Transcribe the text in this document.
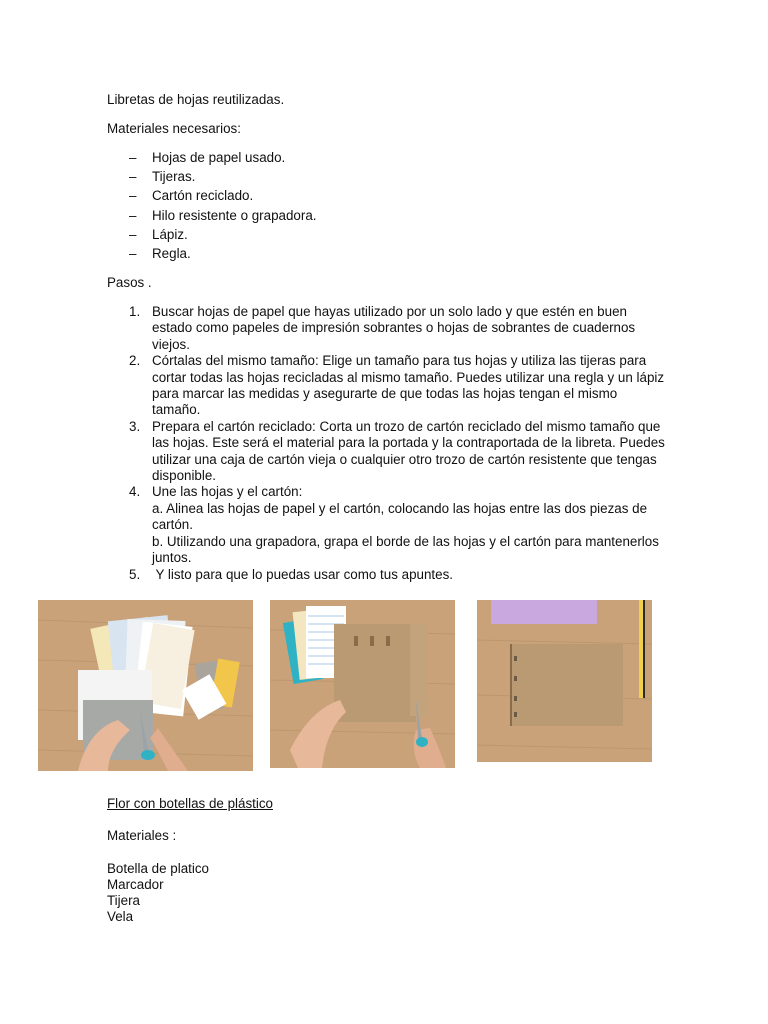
Libretas de hojas reutilizadas.
Materiales necesarios:
– Hojas de papel usado.
– Tijeras.
– Cartón reciclado.
– Hilo resistente o grapadora.
– Lápiz.
– Regla.
Pasos .
1. Buscar hojas de papel que hayas utilizado por un solo lado y que estén en buen estado como papeles de impresión sobrantes o hojas de sobrantes de cuadernos viejos.
2. Córtalas del mismo tamaño: Elige un tamaño para tus hojas y utiliza las tijeras para cortar todas las hojas recicladas al mismo tamaño. Puedes utilizar una regla y un lápiz para marcar las medidas y asegurarte de que todas las hojas tengan el mismo tamaño.
3. Prepara el cartón reciclado: Corta un trozo de cartón reciclado del mismo tamaño que las hojas. Este será el material para la portada y la contraportada de la libreta. Puedes utilizar una caja de cartón vieja o cualquier otro trozo de cartón resistente que tengas disponible.
4. Une las hojas y el cartón:
a. Alinea las hojas de papel y el cartón, colocando las hojas entre las dos piezas de cartón.
b. Utilizando una grapadora, grapa el borde de las hojas y el cartón para mantenerlos juntos.
5. Y listo para que lo puedas usar como tus apuntes.
Flor con botellas de plástico
Materiales :
Botella de platico
Marcador
Tijera
Vela
